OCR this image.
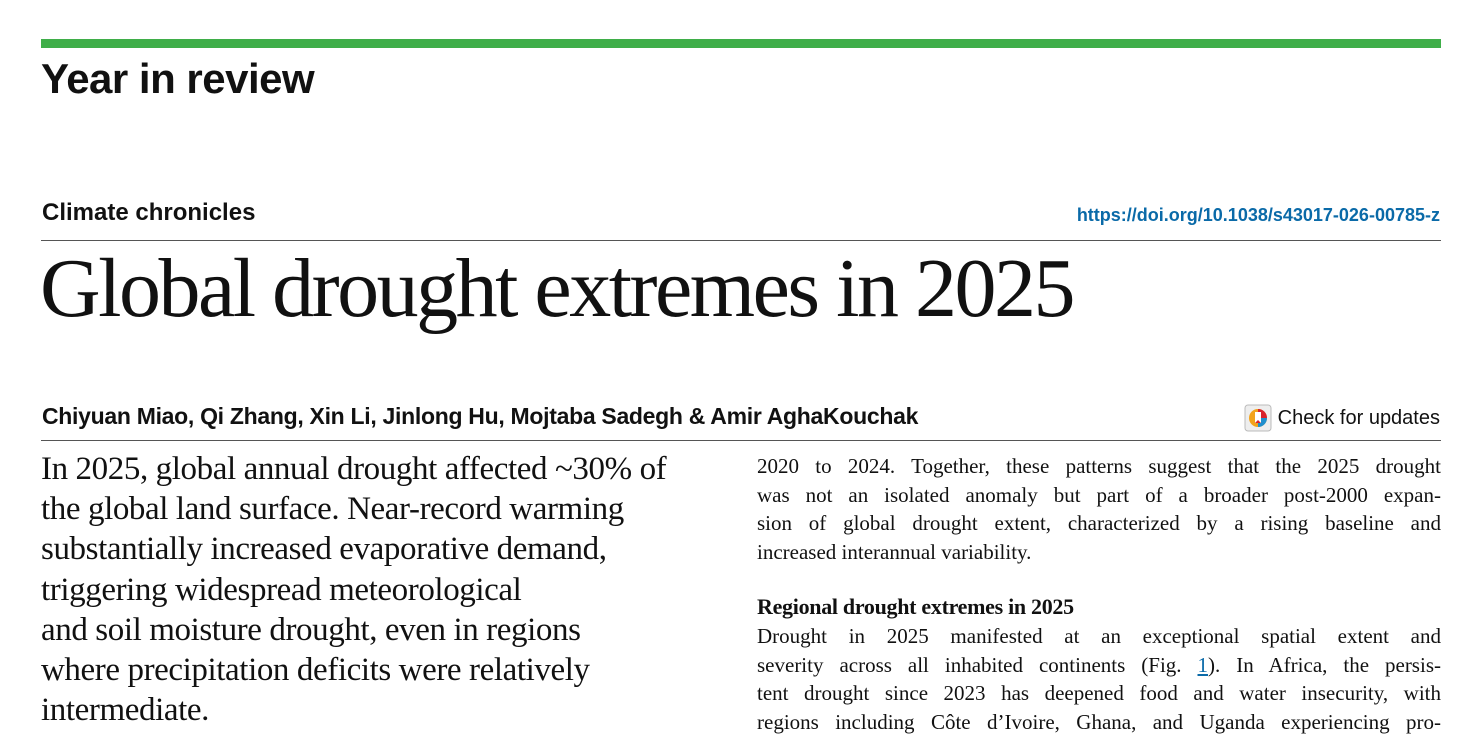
Year in review
Climate chronicles	https://doi.org/10.1038/s43017-026-00785-z
Global drought extremes in 2025
Chiyuan Miao, Qi Zhang, Xin Li, Jinlong Hu, Mojtaba Sadegh & Amir AghaKouchak	Check for updates

In 2025, global annual drought affected ~30% of
the global land surface. Near-record warming
substantially increased evaporative demand,
triggering widespread meteorological
and soil moisture drought, even in regions
where precipitation deficits were relatively
intermediate.

2020 to 2024. Together, these patterns suggest that the 2025 drought
was not an isolated anomaly but part of a broader post-2000 expan-
sion of global drought extent, characterized by a rising baseline and
increased interannual variability.
Regional drought extremes in 2025
Drought in 2025 manifested at an exceptional spatial extent and
severity across all inhabited continents (Fig. 1). In Africa, the persis-
tent drought since 2023 has deepened food and water insecurity, with
regions including Côte d’Ivoire, Ghana, and Uganda experiencing pro-
